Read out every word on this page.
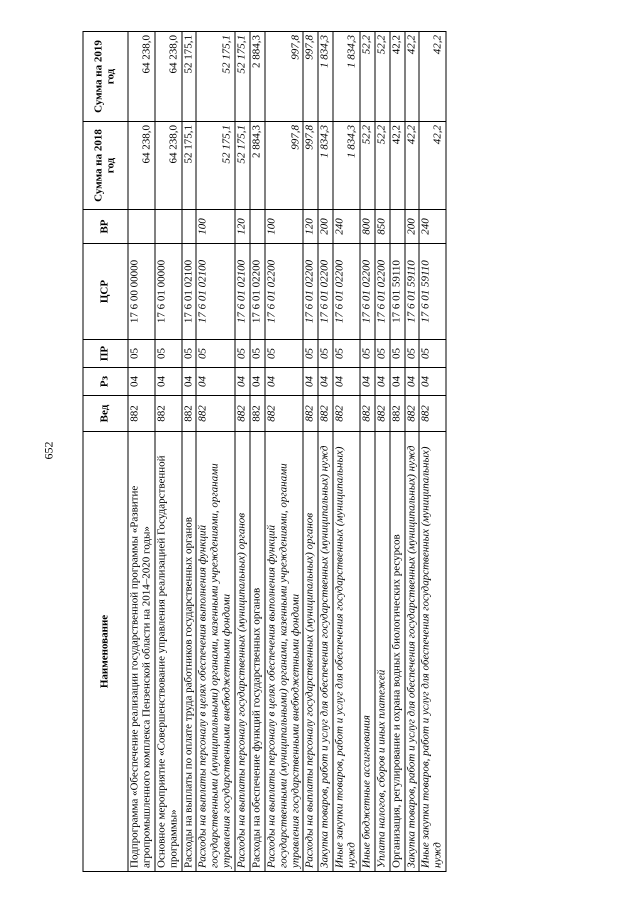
652
Наименование	Вед	Рз	ПР	ЦСР	ВР	Сумма на 2018 год	Сумма на 2019 год
Подпрограмма «Обеспечение реализации государственной программы «Развитие агропромышленного комплекса Пензенской области на 2014–2020 годы»	882	04	05	17 6 00 00000		64 238,0	64 238,0
Основное мероприятие «Совершенствование управления реализацией Государственной программы»	882	04	05	17 6 01 00000		64 238,0	64 238,0
Расходы на выплаты по оплате труда работников государственных органов	882	04	05	17 6 01 02100		52 175,1	52 175,1
Расходы на выплаты персоналу в целях обеспечения выполнения функций государственными (муниципальными) органами, казенными учреждениями, органами управления государственными внебюджетными фондами	882	04	05	17 6 01 02100	100	52 175,1	52 175,1
Расходы на выплаты персоналу государственных (муниципальных) органов	882	04	05	17 6 01 02100	120	52 175,1	52 175,1
Расходы на обеспечение функций государственных органов	882	04	05	17 6 01 02200		2 884,3	2 884,3
Расходы на выплаты персоналу в целях обеспечения выполнения функций государственными (муниципальными) органами, казенными учреждениями, органами управления государственными внебюджетными фондами	882	04	05	17 6 01 02200	100	997,8	997,8
Расходы на выплаты персоналу государственных (муниципальных) органов	882	04	05	17 6 01 02200	120	997,8	997,8
Закупка товаров, работ и услуг для обеспечения государственных (муниципальных) нужд	882	04	05	17 6 01 02200	200	1 834,3	1 834,3
Иные закупки товаров, работ и услуг для обеспечения государственных (муниципальных) нужд	882	04	05	17 6 01 02200	240	1 834,3	1 834,3
Иные бюджетные ассигнования	882	04	05	17 6 01 02200	800	52,2	52,2
Уплата налогов, сборов и иных платежей	882	04	05	17 6 01 02200	850	52,2	52,2
Организация, регулирование и охрана водных биологических ресурсов	882	04	05	17 6 01 59110		42,2	42,2
Закупка товаров, работ и услуг для обеспечения государственных (муниципальных) нужд	882	04	05	17 6 01 59110	200	42,2	42,2
Иные закупки товаров, работ и услуг для обеспечения государственных (муниципальных) нужд	882	04	05	17 6 01 59110	240	42,2	42,2
